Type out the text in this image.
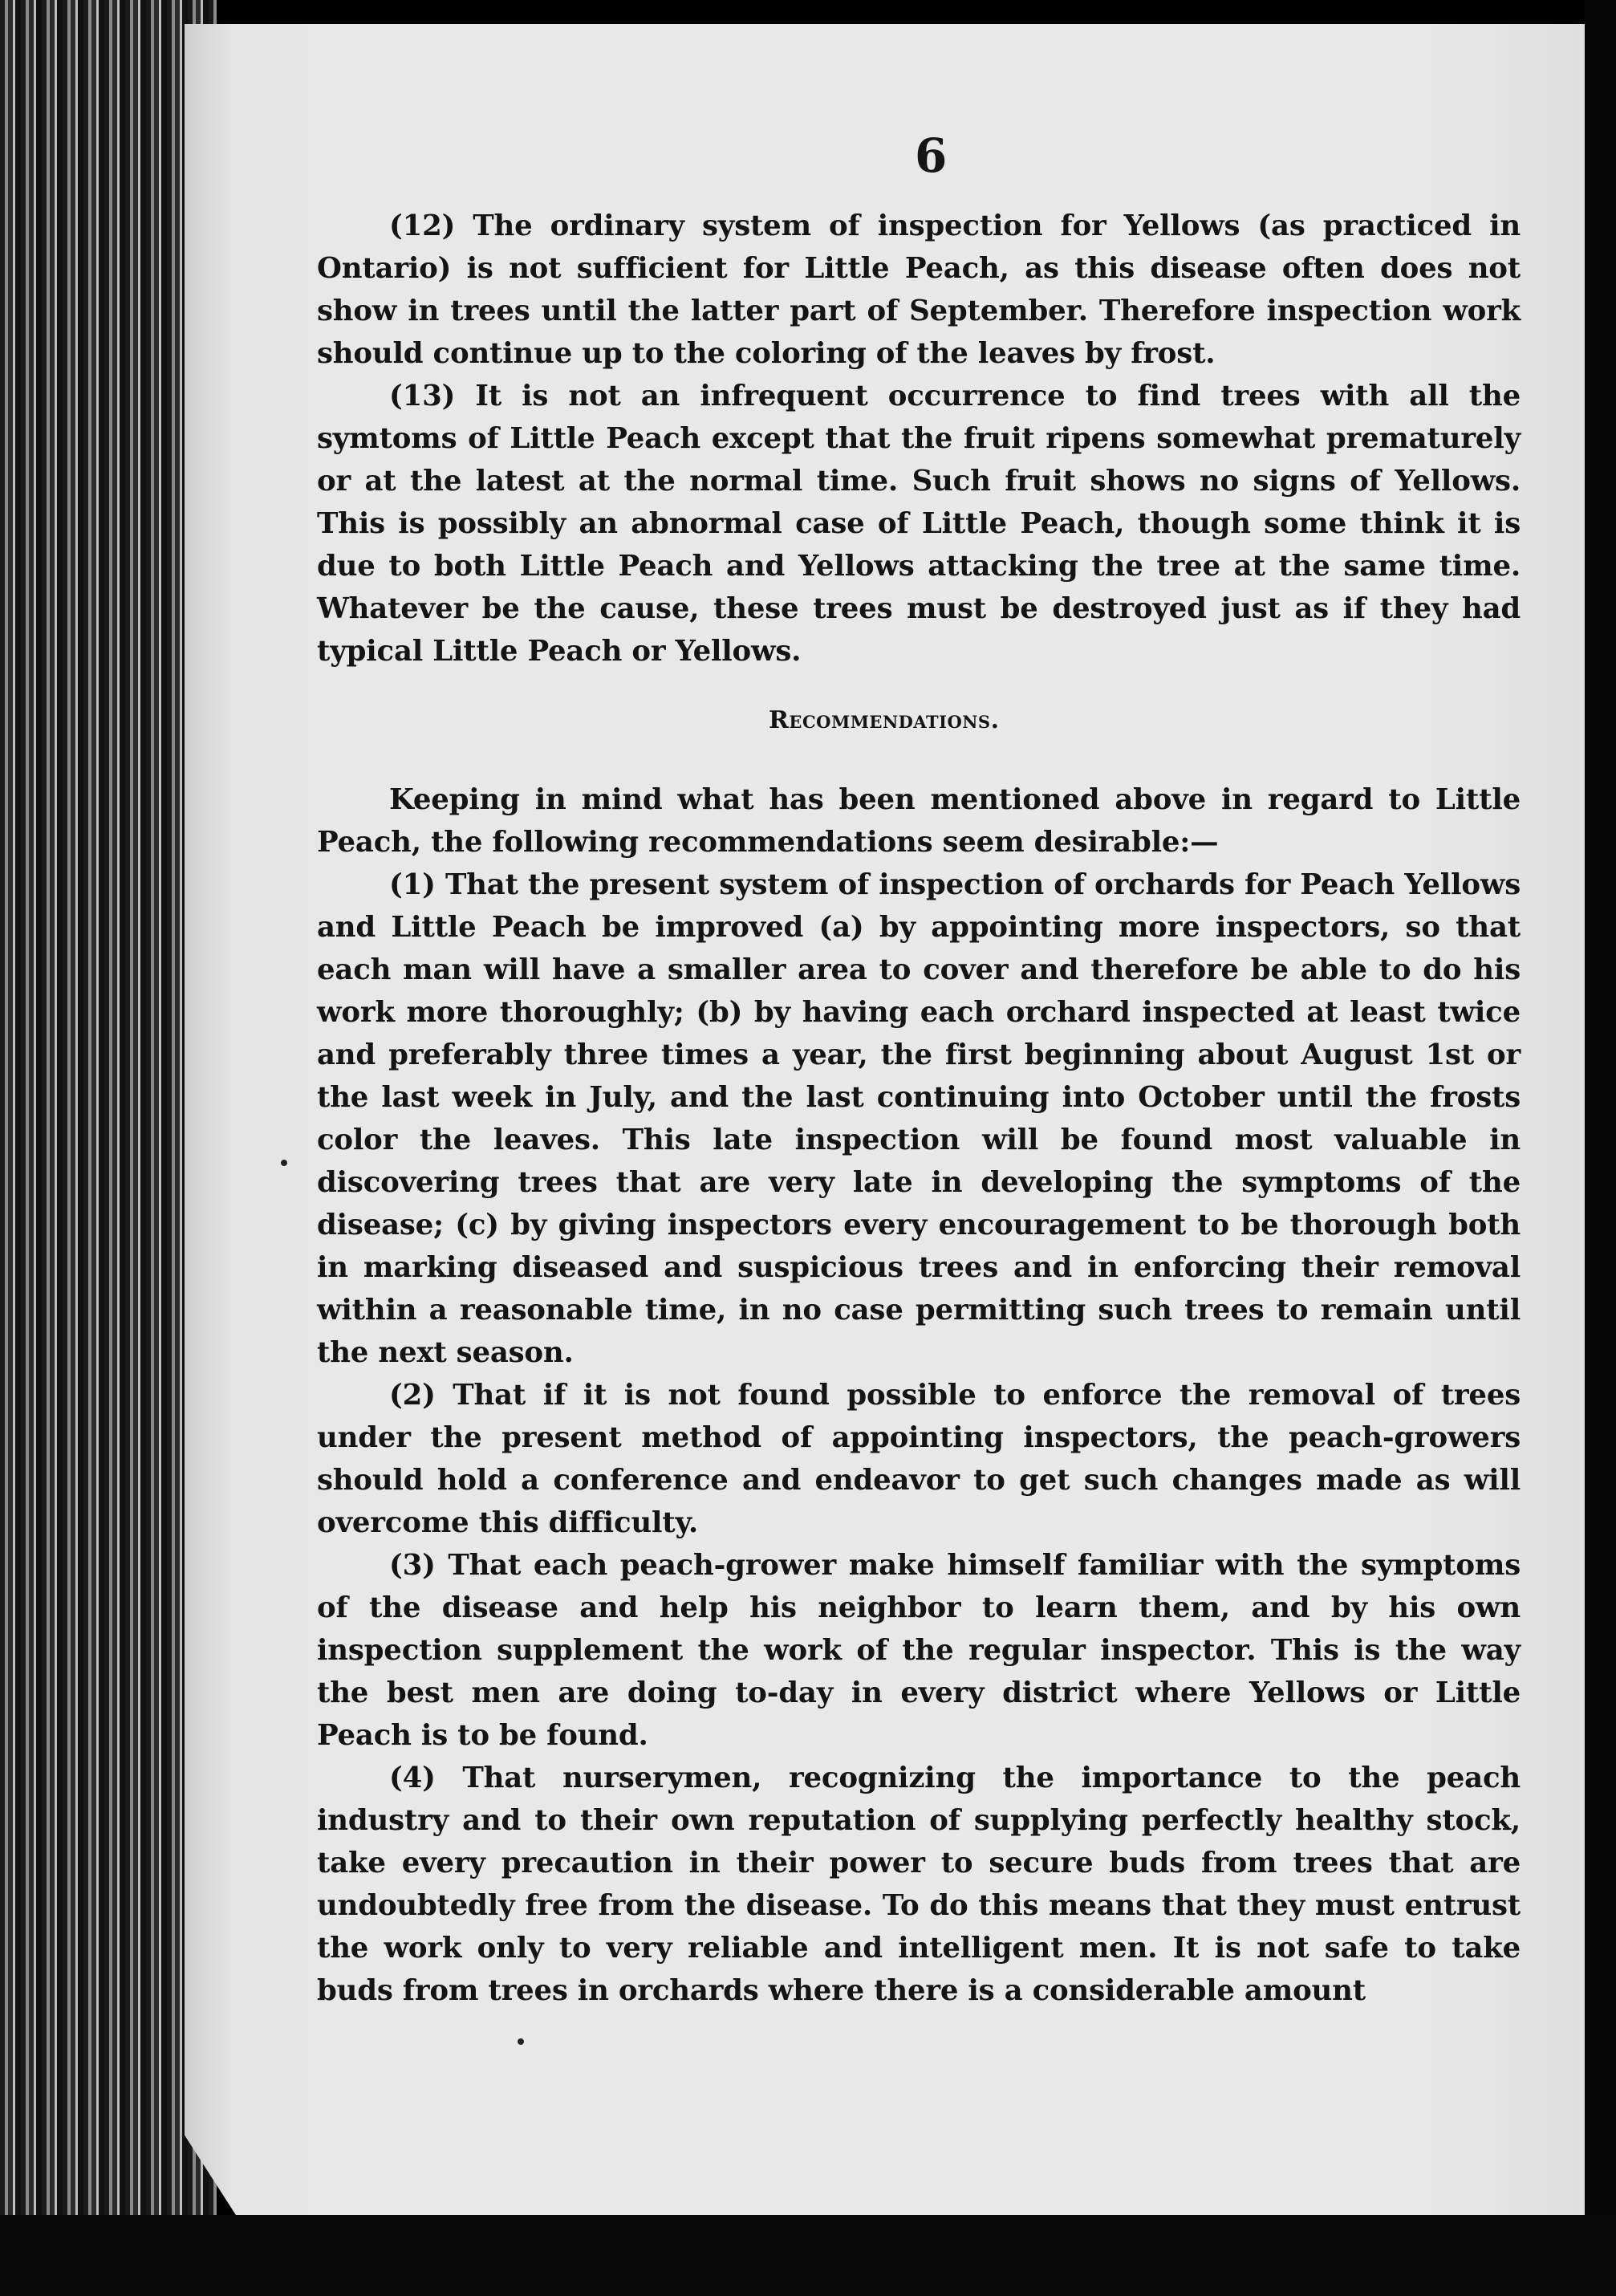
6

(12) The ordinary system of inspection for Yellows (as practiced in Ontario) is not sufficient for Little Peach, as this disease often does not show in trees until the latter part of September. Therefore inspection work should continue up to the coloring of the leaves by frost.

(13) It is not an infrequent occurrence to find trees with all the symtoms of Little Peach except that the fruit ripens somewhat prematurely or at the latest at the normal time. Such fruit shows no signs of Yellows. This is possibly an abnormal case of Little Peach, though some think it is due to both Little Peach and Yellows attacking the tree at the same time. Whatever be the cause, these trees must be destroyed just as if they had typical Little Peach or Yellows.

Recommendations.

Keeping in mind what has been mentioned above in regard to Little Peach, the following recommendations seem desirable:—

(1) That the present system of inspection of orchards for Peach Yellows and Little Peach be improved (a) by appointing more inspectors, so that each man will have a smaller area to cover and therefore be able to do his work more thoroughly; (b) by having each orchard inspected at least twice and preferably three times a year, the first beginning about August 1st or the last week in July, and the last continuing into October until the frosts color the leaves. This late inspection will be found most valuable in discovering trees that are very late in developing the symptoms of the disease; (c) by giving inspectors every encouragement to be thorough both in marking diseased and suspicious trees and in enforcing their removal within a reasonable time, in no case permitting such trees to remain until the next season.

(2) That if it is not found possible to enforce the removal of trees under the present method of appointing inspectors, the peach-growers should hold a conference and endeavor to get such changes made as will overcome this difficulty.

(3) That each peach-grower make himself familiar with the symptoms of the disease and help his neighbor to learn them, and by his own inspection supplement the work of the regular inspector. This is the way the best men are doing to-day in every district where Yellows or Little Peach is to be found.

(4) That nurserymen, recognizing the importance to the peach industry and to their own reputation of supplying perfectly healthy stock, take every precaution in their power to secure buds from trees that are undoubtedly free from the disease. To do this means that they must entrust the work only to very reliable and intelligent men. It is not safe to take buds from trees in orchards where there is a considerable amount
